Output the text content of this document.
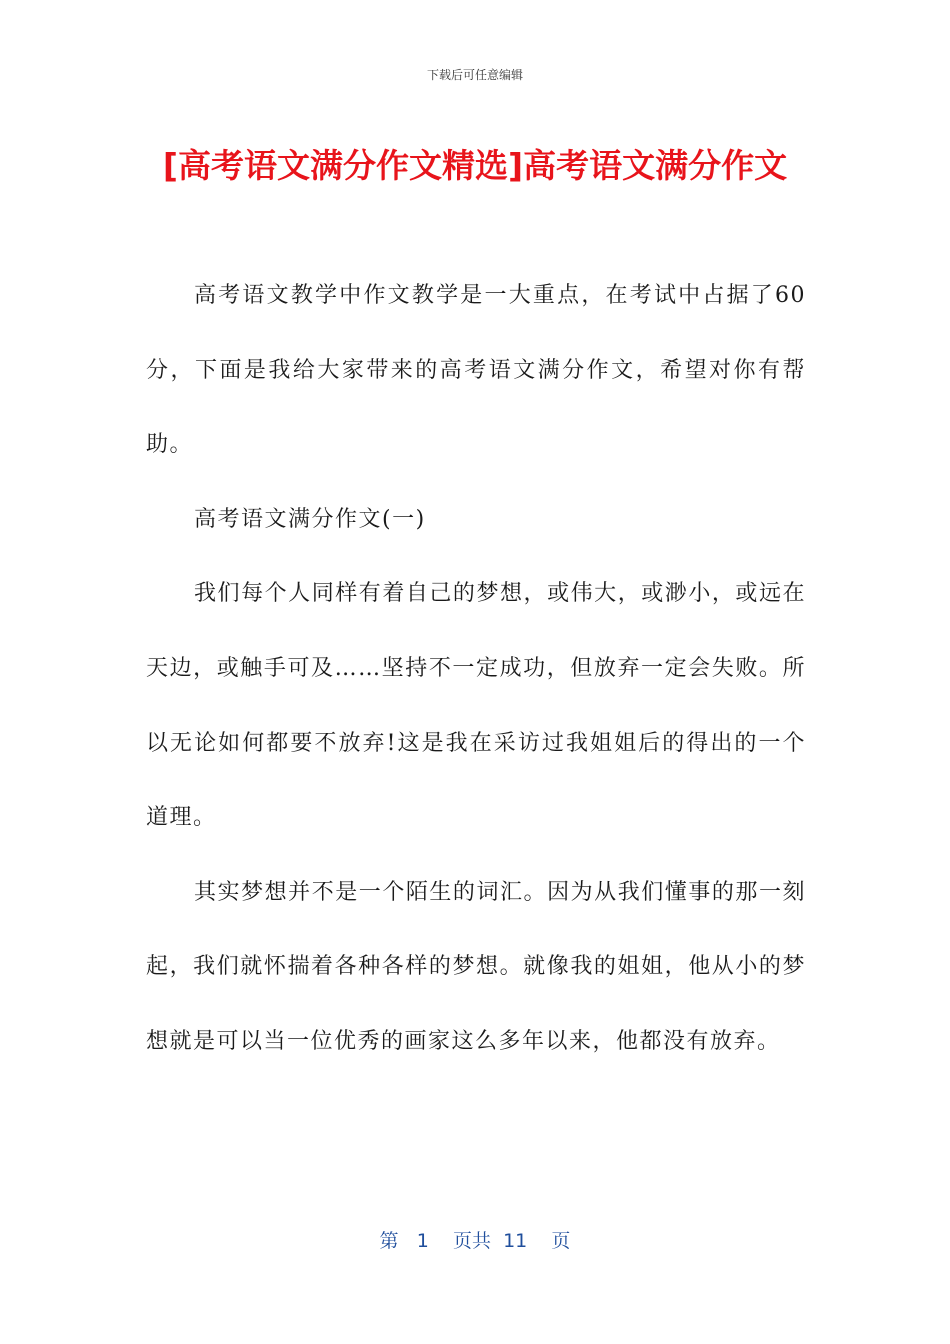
下载后可任意编辑
[高考语文满分作文精选]高考语文满分作文

高考语文教学中作文教学是一大重点，在考试中占据了60分，下面是我给大家带来的高考语文满分作文，希望对你有帮助。

高考语文满分作文(一)

我们每个人同样有着自己的梦想，或伟大，或渺小，或远在天边，或触手可及……坚持不一定成功，但放弃一定会失败。所以无论如何都要不放弃!这是我在采访过我姐姐后的得出的一个道理。

其实梦想并不是一个陌生的词汇。因为从我们懂事的那一刻起，我们就怀揣着各种各样的梦想。就像我的姐姐，他从小的梦想就是可以当一位优秀的画家这么多年以来，他都没有放弃。

第 1 页共 11 页
